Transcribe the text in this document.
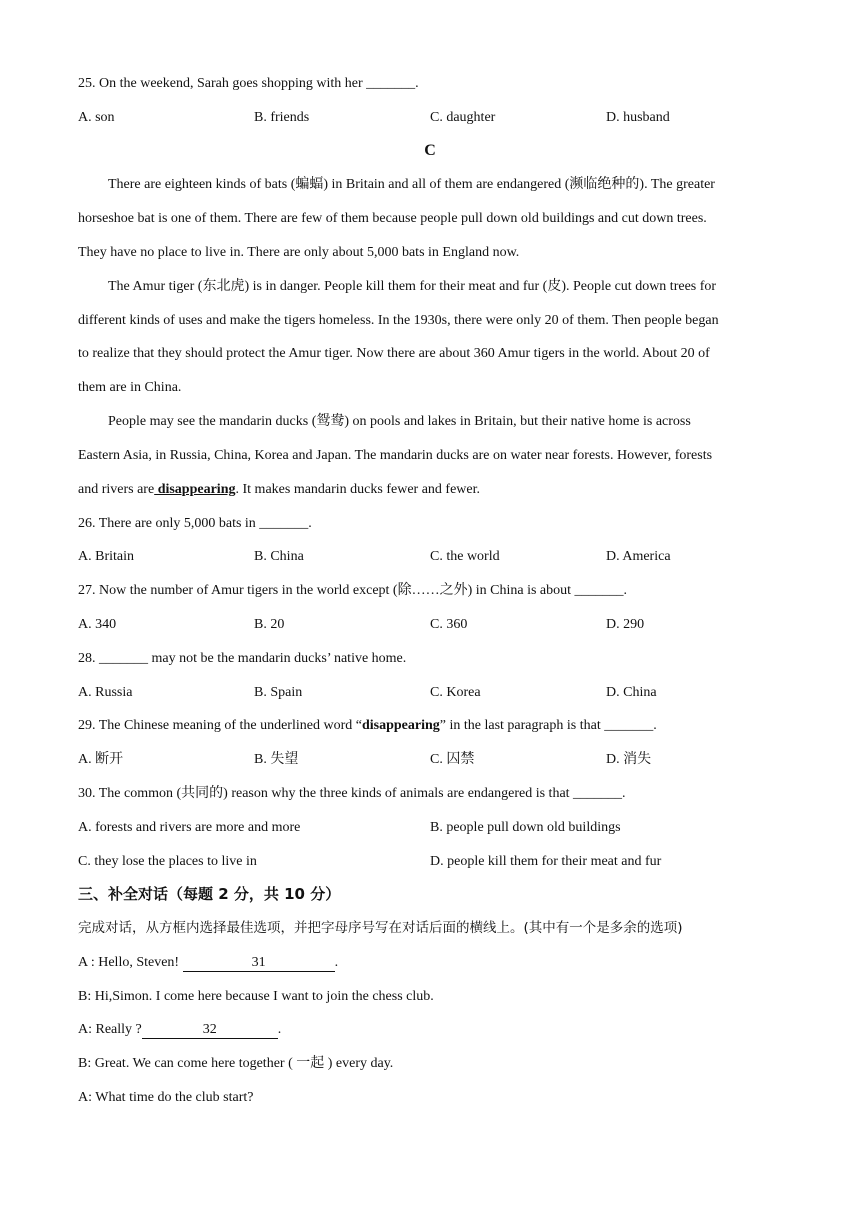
25. On the weekend, Sarah goes shopping with her _______.
A. son	B. friends	C. daughter	D. husband
C
There are eighteen kinds of bats (蝙蝠) in Britain and all of them are endangered (濒临绝种的). The greater
horseshoe bat is one of them. There are few of them because people pull down old buildings and cut down trees.
They have no place to live in. There are only about 5,000 bats in England now.
The Amur tiger (东北虎) is in danger. People kill them for their meat and fur (皮). People cut down trees for
different kinds of uses and make the tigers homeless. In the 1930s, there were only 20 of them. Then people began
to realize that they should protect the Amur tiger. Now there are about 360 Amur tigers in the world. About 20 of
them are in China.
People may see the mandarin ducks (鸳鸯) on pools and lakes in Britain, but their native home is across
Eastern Asia, in Russia, China, Korea and Japan. The mandarin ducks are on water near forests. However, forests
and rivers are disappearing. It makes mandarin ducks fewer and fewer.
26. There are only 5,000 bats in _______.
A. Britain	B. China	C. the world	D. America
27. Now the number of Amur tigers in the world except (除……之外) in China is about _______.
A. 340	B. 20	C. 360	D. 290
28. _______ may not be the mandarin ducks’ native home.
A. Russia	B. Spain	C. Korea	D. China
29. The Chinese meaning of the underlined word “disappearing” in the last paragraph is that _______.
A. 断开	B. 失望	C. 囚禁	D. 消失
30. The common (共同的) reason why the three kinds of animals are endangered is that _______.
A. forests and rivers are more and more	B. people pull down old buildings
C. they lose the places to live in	D. people kill them for their meat and fur
三、补全对话（每题 2 分，共 10 分）
完成对话，从方框内选择最佳选项，并把字母序号写在对话后面的横线上。(其中有一个是多余的选项)
A : Hello, Steven!	31	.
B: Hi,Simon. I come here because I want to join the chess club.
A: Really ?	32	.
B: Great. We can come here together ( 一起 ) every day.
A: What time do the club start?
